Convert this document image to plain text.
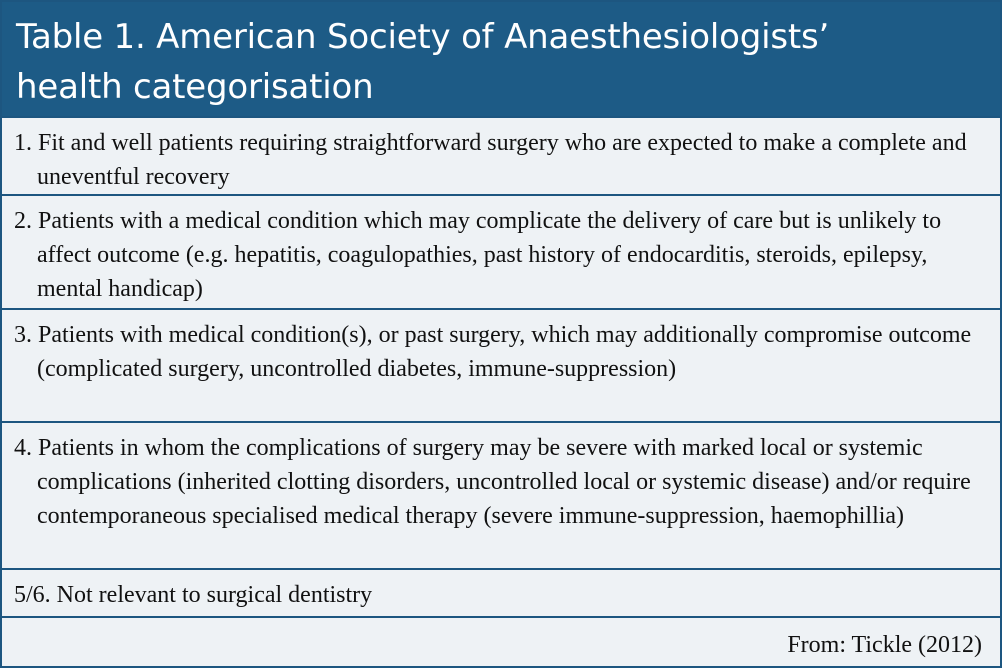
Table 1. American Society of Anaesthesiologists’
health categorisation

1. Fit and well patients requiring straightforward surgery who are expected to make a complete and uneventful recovery

2. Patients with a medical condition which may complicate the delivery of care but is unlikely to affect outcome (e.g. hepatitis, coagulopathies, past history of endocarditis, steroids, epilepsy, mental handicap)

3. Patients with medical condition(s), or past surgery, which may additionally compromise outcome (complicated surgery, uncontrolled diabetes, immune-suppression)

4. Patients in whom the complications of surgery may be severe with marked local or systemic complications (inherited clotting disorders, uncontrolled local or systemic disease) and/or require contemporaneous specialised medical therapy (severe immune-suppression, haemophillia)

5/6. Not relevant to surgical dentistry

From: Tickle (2012)
